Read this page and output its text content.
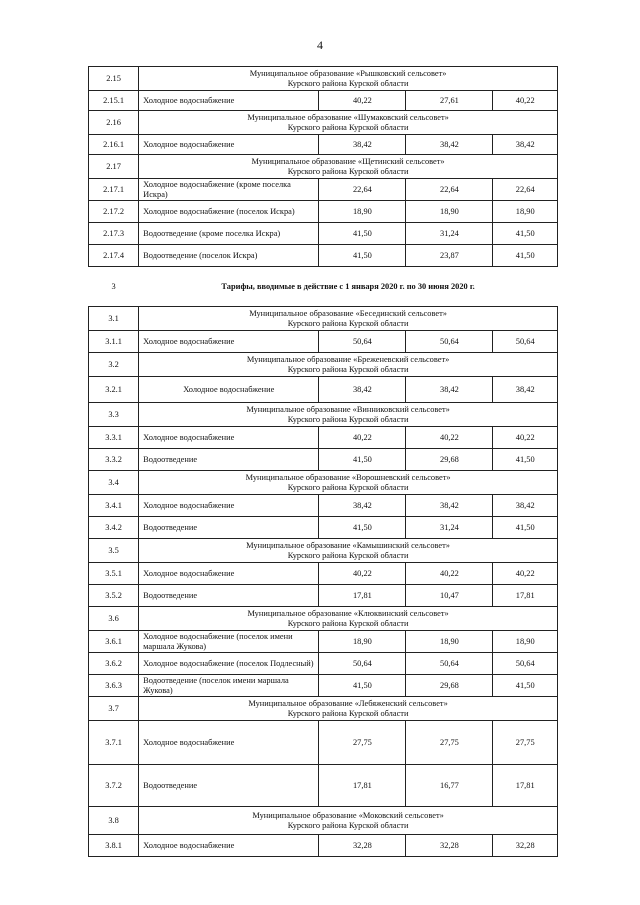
4
2.15	Муниципальное образование «Рышковский сельсовет»
Курского района Курской области			

2.15.1	Холодное водоснабжение	40,22	27,61	40,22
2.16	Муниципальное образование «Шумаковский сельсовет»
Курского района Курской области			

2.16.1	Холодное водоснабжение	38,42	38,42	38,42
2.17	Муниципальное образование «Щетинский сельсовет»
Курского района Курской области			

2.17.1	Холодное водоснабжение (кроме поселка Искра)	22,64	22,64	22,64
2.17.2	Холодное водоснабжение (поселок Искра)	18,90	18,90	18,90
2.17.3	Водоотведение (кроме поселка Искра)	41,50	31,24	41,50
2.17.4	Водоотведение (поселок Искра)	41,50	23,87	41,50
3	Тарифы, вводимые в действие с 1 января 2020 г. по 30 июня 2020 г.			
3.1	Муниципальное образование «Бесединский сельсовет»
Курского района Курской области			

3.1.1	Холодное водоснабжение	50,64	50,64	50,64
3.2	Муниципальное образование «Бреженевский сельсовет»
Курского района Курской области			

3.2.1	Холодное водоснабжение	38,42	38,42	38,42
3.3	Муниципальное образование «Винниковский сельсовет»
Курского района Курской области			

3.3.1	Холодное водоснабжение	40,22	40,22	40,22
3.3.2	Водоотведение	41,50	29,68	41,50
3.4	Муниципальное образование «Ворошневский сельсовет»
Курского района Курской области			

3.4.1	Холодное водоснабжение	38,42	38,42	38,42
3.4.2	Водоотведение	41,50	31,24	41,50
3.5	Муниципальное образование «Камышинский сельсовет»
Курского района Курской области			

3.5.1	Холодное водоснабжение	40,22	40,22	40,22
3.5.2	Водоотведение	17,81	10,47	17,81
3.6	Муниципальное образование «Клюквинский сельсовет»
Курского района Курской области			

3.6.1	Холодное водоснабжение (поселок имени маршала Жукова)	18,90	18,90	18,90
3.6.2	Холодное водоснабжение (поселок Подлесный)	50,64	50,64	50,64
3.6.3	Водоотведение (поселок имени маршала Жукова)	41,50	29,68	41,50
3.7	Муниципальное образование «Лебяженский сельсовет»
Курского района Курской области			

3.7.1	Холодное водоснабжение	27,75	27,75	27,75
3.7.2	Водоотведение	17,81	16,77	17,81
3.8	Муниципальное образование «Моковский сельсовет»
Курского района Курской области			

3.8.1	Холодное водоснабжение	32,28	32,28	32,28
